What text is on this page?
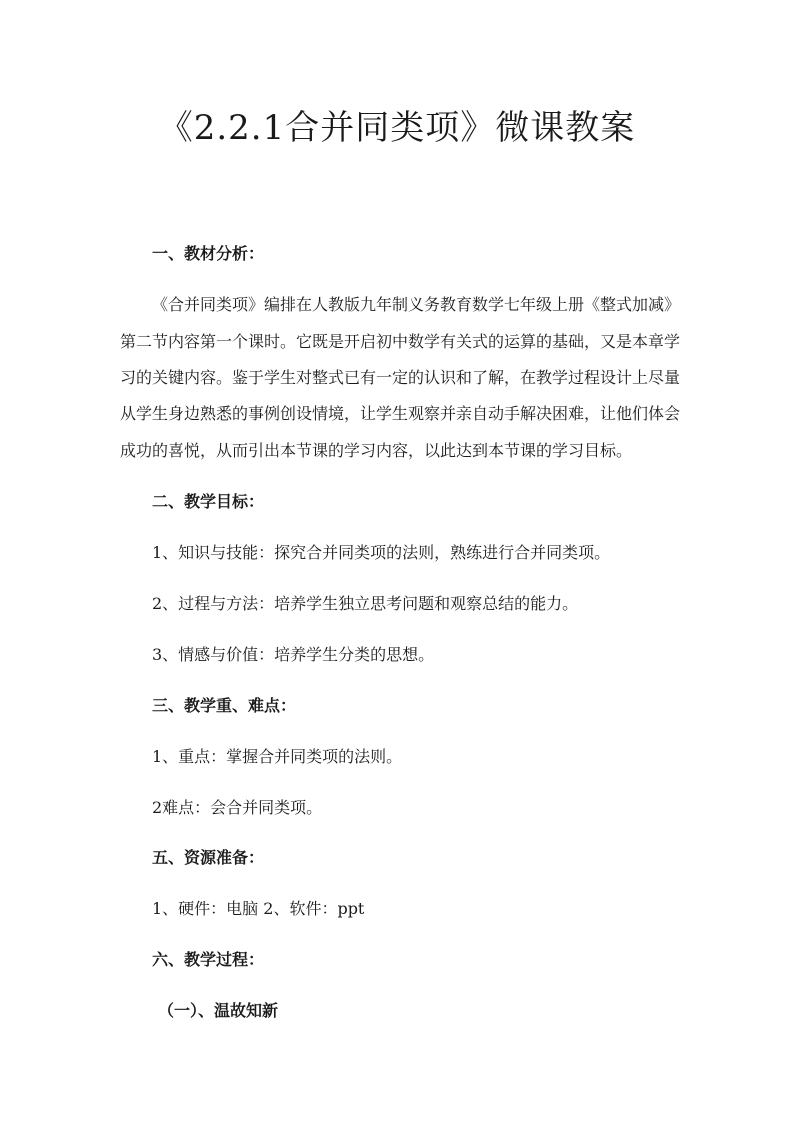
《2.2.1合并同类项》微课教案
一、教材分析：

《合并同类项》编排在人教版九年制义务教育数学七年级上册《整式加减》

第二节内容第一个课时。它既是开启初中数学有关式的运算的基础，又是本章学

习的关键内容。鉴于学生对整式已有一定的认识和了解，在教学过程设计上尽量

从学生身边熟悉的事例创设情境，让学生观察并亲自动手解决困难，让他们体会

成功的喜悦，从而引出本节课的学习内容，以此达到本节课的学习目标。

二、教学目标：

1、知识与技能：探究合并同类项的法则，熟练进行合并同类项。

2、过程与方法：培养学生独立思考问题和观察总结的能力。

3、情感与价值：培养学生分类的思想。

三、教学重、难点：

1、重点：掌握合并同类项的法则。

2难点：会合并同类项。

五、资源准备：

1、硬件：电脑 2、软件：ppt

六、教学过程：

（一）、温故知新
